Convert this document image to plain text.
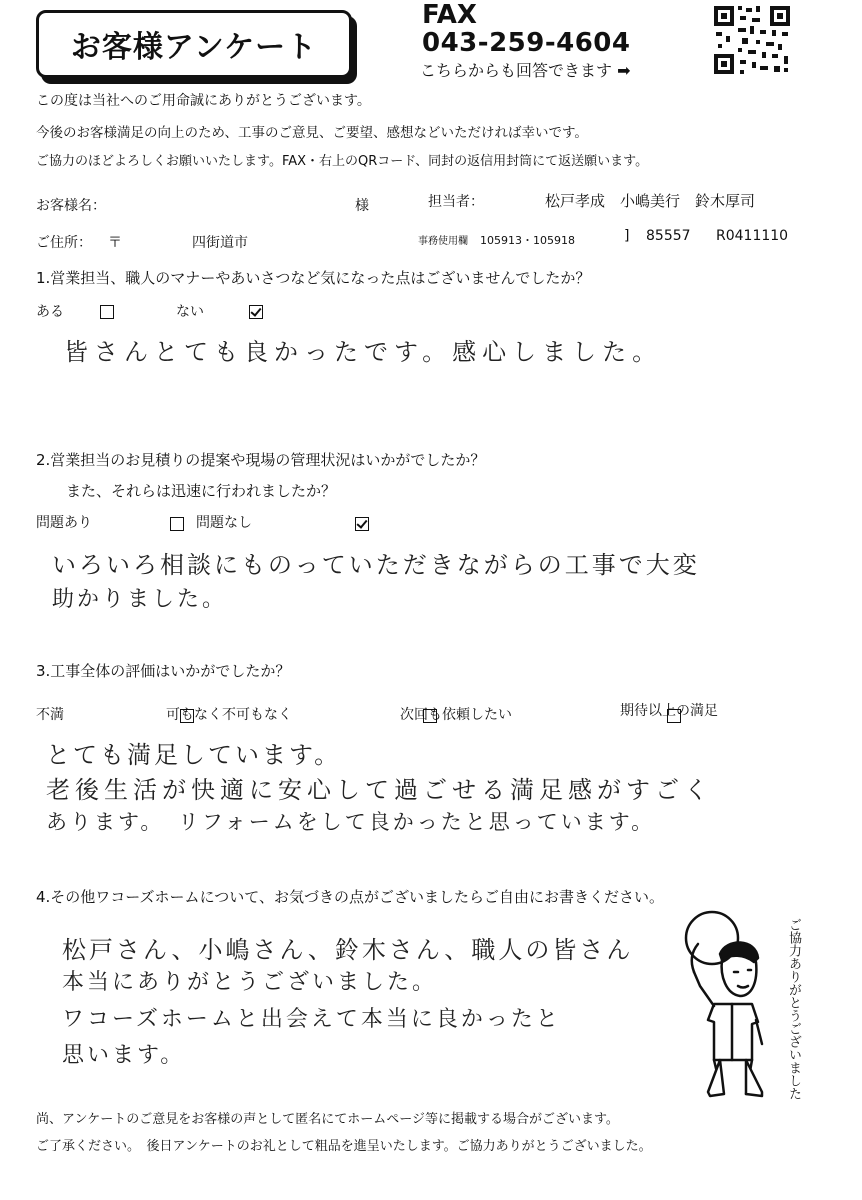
お客様アンケート
FAX
043-259-4604
こちらからも回答できます ➡
この度は当社へのご用命誠にありがとうございます。
今後のお客様満足の向上のため、工事のご意見、ご要望、感想などいただければ幸いです。
ご協力のほどよろしくお願いいたします。FAX・右上のQRコード、同封の返信用封筒にて返送願います。
お客様名：	様	担当者：	松戸孝成　小嶋美行　鈴木厚司
ご住所： 〒	四街道市	事務使用欄 105913・105918	] 85557 R0411110
1.営業担当、職人のマナーやあいさつなど気になった点はございませんでしたか？
ある
	ない

皆さんとても良かったです。感心しました。
2.営業担当のお見積りの提案や現場の管理状況はいかがでしたか？
また、それらは迅速に行われましたか？
問題あり
	問題なし

いろいろ相談にものっていただきながらの工事で大変
助かりました。
3.工事全体の評価はいかがでしたか？
不満
	可もなく不可もなく
	次回も依頼したい
	期待以上の満足
とても満足しています。
老後生活が快適に安心して過ごせる満足感がすごく
あります。　リフォームをして良かったと思っています。
4.その他ワコーズホームについて、お気づきの点がございましたらご自由にお書きください。
松戸さん、小嶋さん、鈴木さん、職人の皆さん
本当にありがとうございました。
ワコーズホームと出会えて本当に良かったと
思います。	ご協力ありがとうございました
尚、アンケートのご意見をお客様の声として匿名にてホームページ等に掲載する場合がございます。
ご了承ください。　後日アンケートのお礼として粗品を進呈いたします。ご協力ありがとうございました。
